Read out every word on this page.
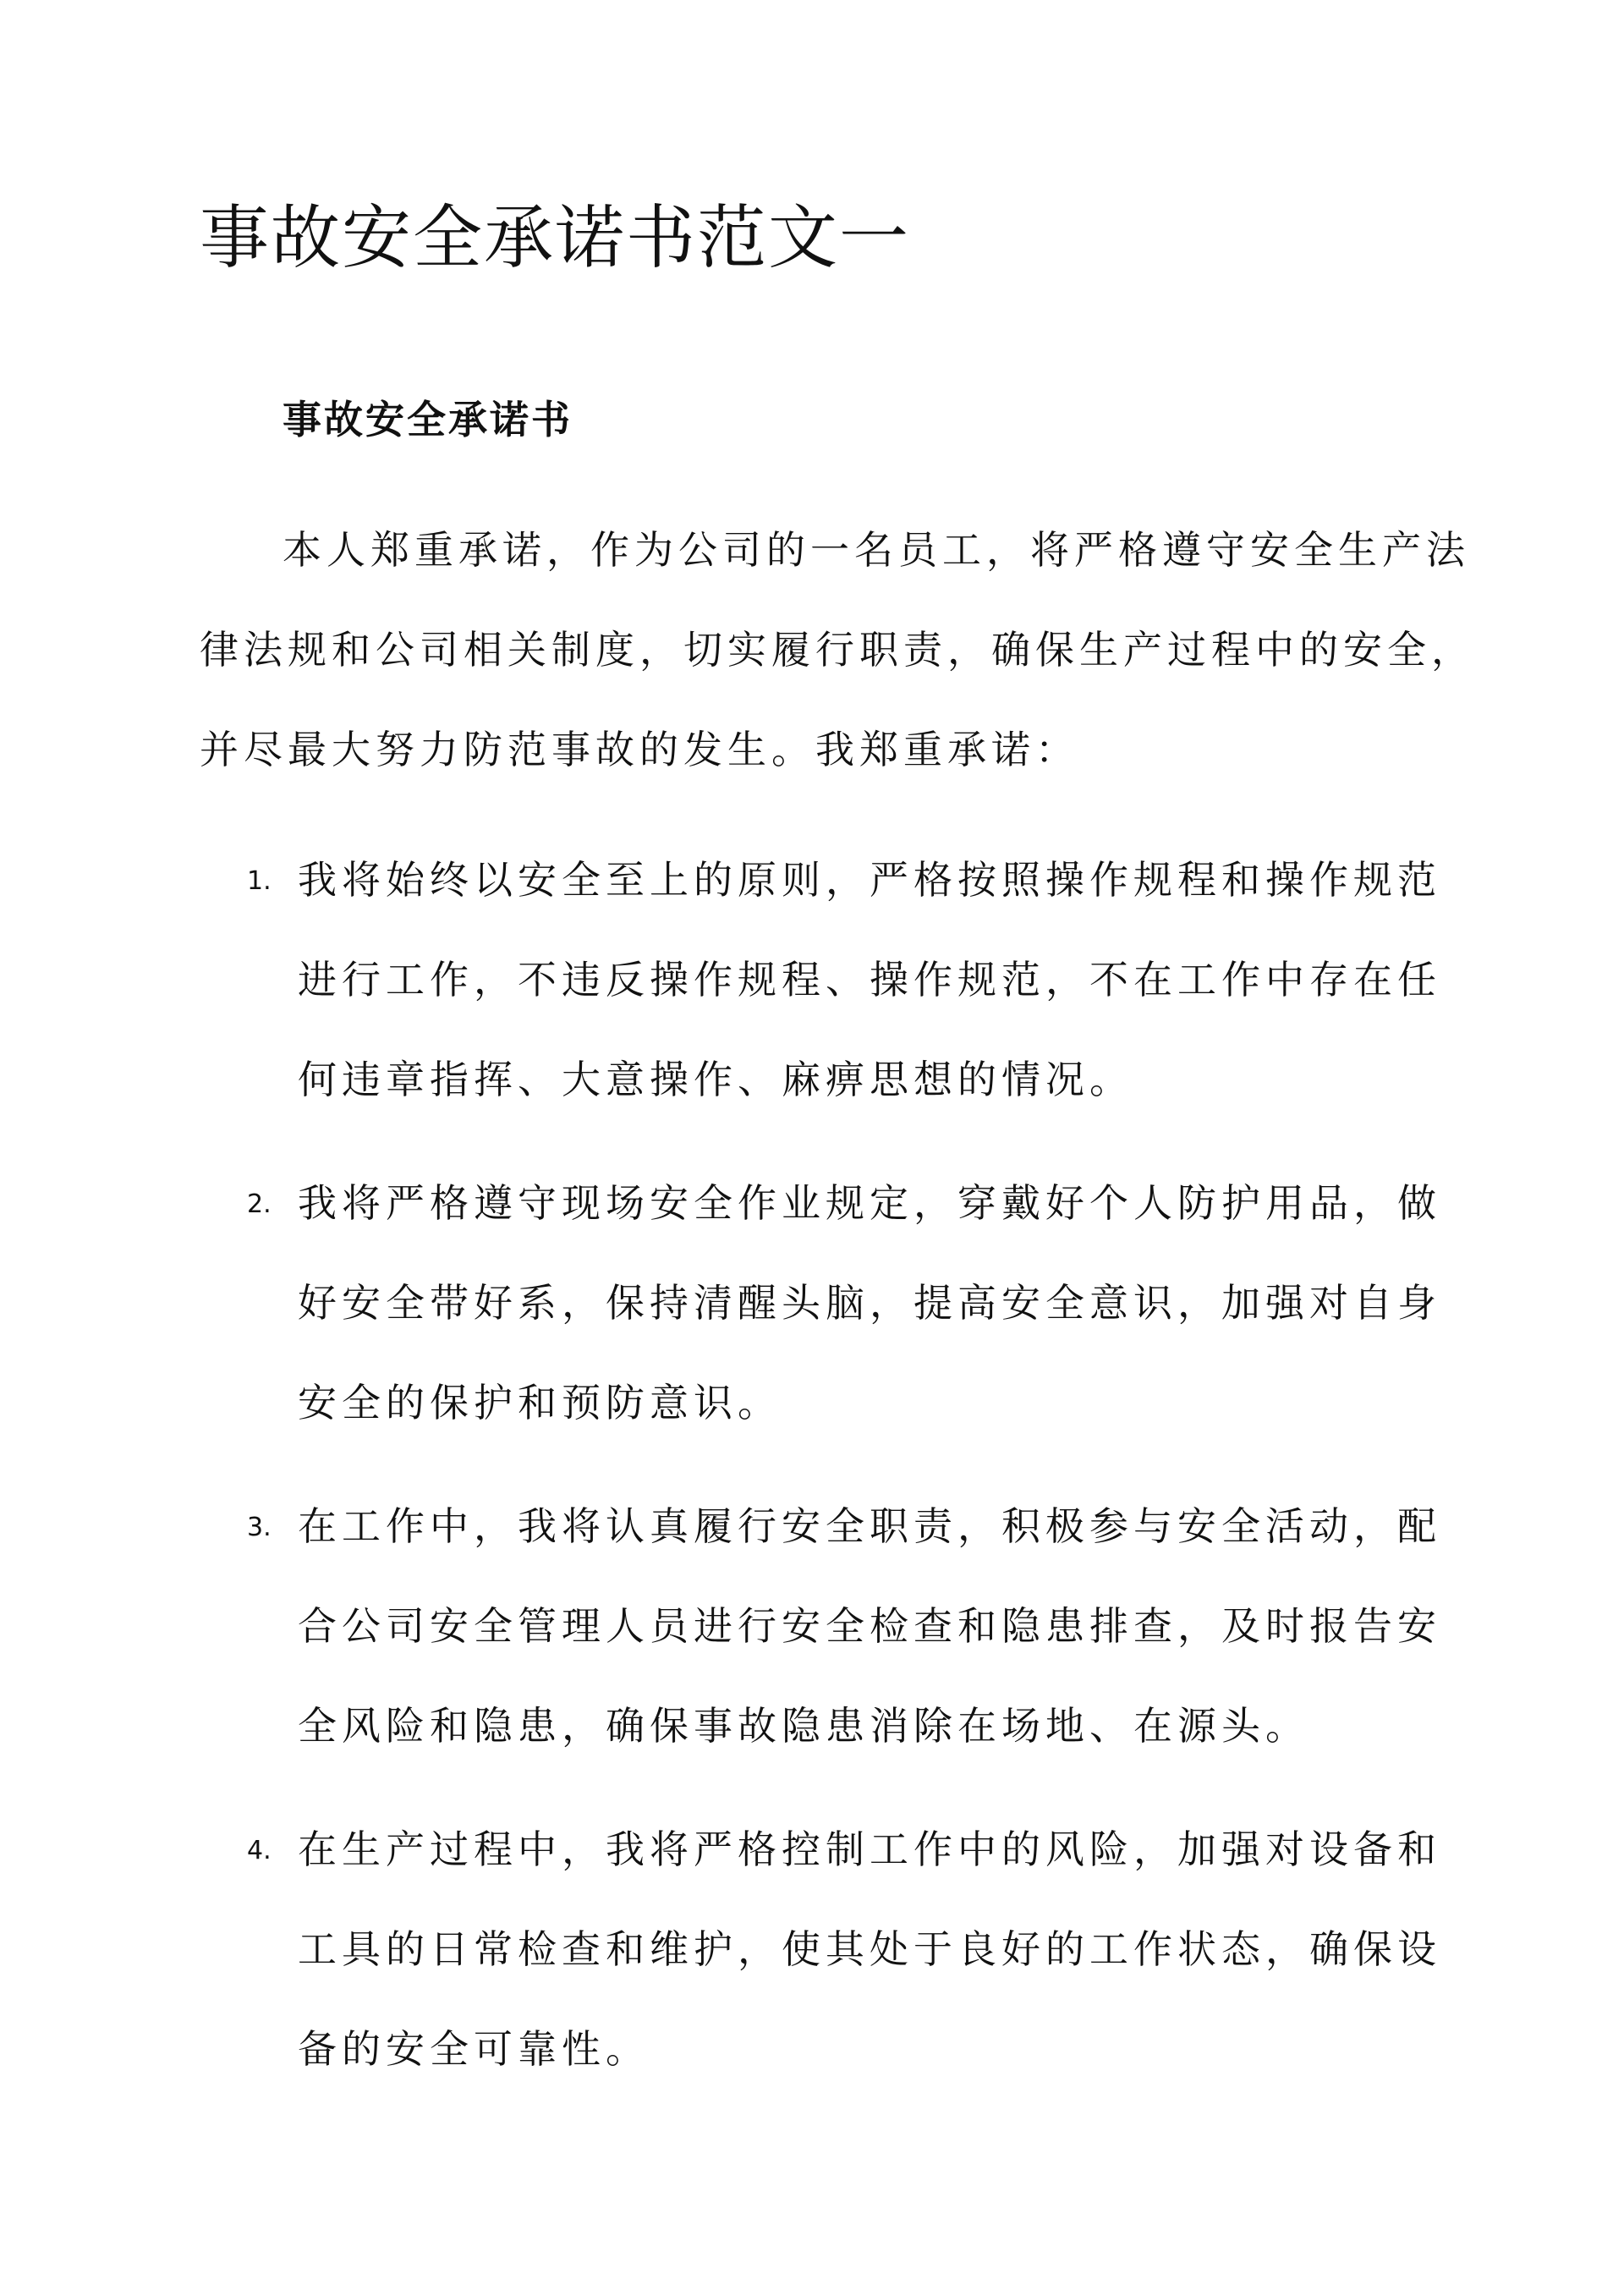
事故安全承诺书范文一
事故安全承诺书

本人郑重承诺，作为公司的一名员工，将严格遵守安全生产法

律法规和公司相关制度，切实履行职责，确保生产过程中的安全，

并尽最大努力防范事故的发生。我郑重承诺：

1. 我将始终以安全至上的原则，严格按照操作规程和操作规范

进行工作，不违反操作规程、操作规范，不在工作中存在任

何违章指挥、大意操作、麻痹思想的情况。

2. 我将严格遵守现场安全作业规定，穿戴好个人防护用品，做

好安全带好系，保持清醒头脑，提高安全意识，加强对自身

安全的保护和预防意识。

3. 在工作中，我将认真履行安全职责，积极参与安全活动，配

合公司安全管理人员进行安全检查和隐患排查，及时报告安

全风险和隐患，确保事故隐患消除在场地、在源头。

4. 在生产过程中，我将严格控制工作中的风险，加强对设备和

工具的日常检查和维护，使其处于良好的工作状态，确保设

备的安全可靠性。
